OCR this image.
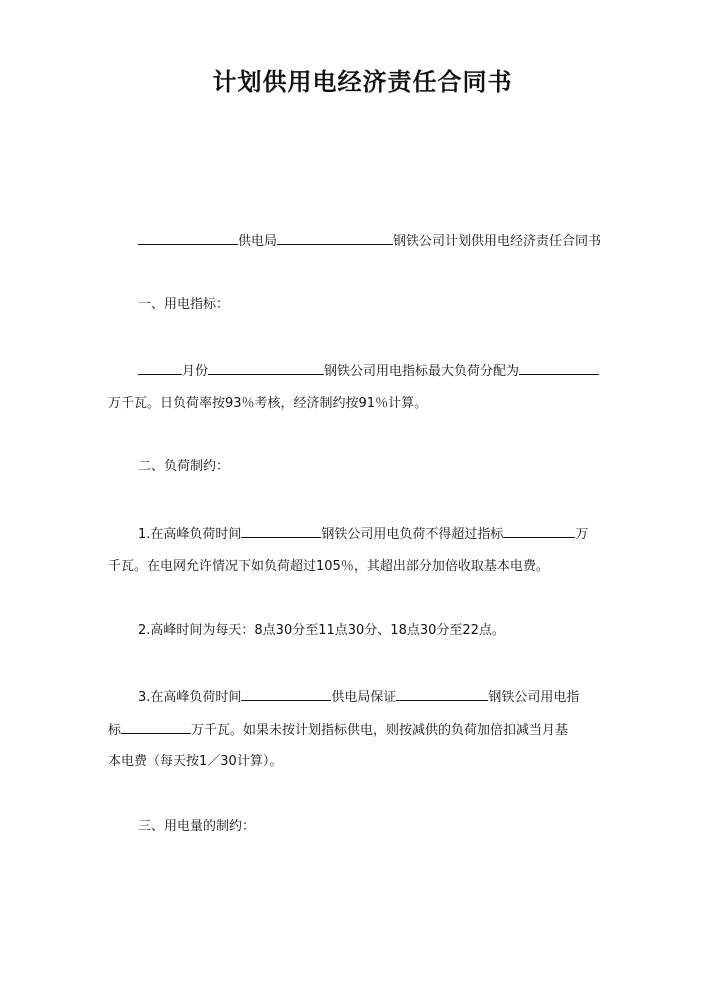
计划供用电经济责任合同书
供电局	钢铁公司计划供用电经济责任合同书
一、用电指标：
月份	钢铁公司用电指标最大负荷分配为
万千瓦。日负荷率按93％考核，经济制约按91％计算。
二、负荷制约：
1.在高峰负荷时间	钢铁公司用电负荷不得超过指标	万
千瓦。在电网允许情况下如负荷超过105％，其超出部分加倍收取基本电费。
2.高峰时间为每天：8点30分至11点30分、18点30分至22点。
3.在高峰负荷时间	供电局保证	钢铁公司用电指
标	万千瓦。如果未按计划指标供电，则按减供的负荷加倍扣减当月基
本电费（每天按1／30计算）。
三、用电量的制约：
